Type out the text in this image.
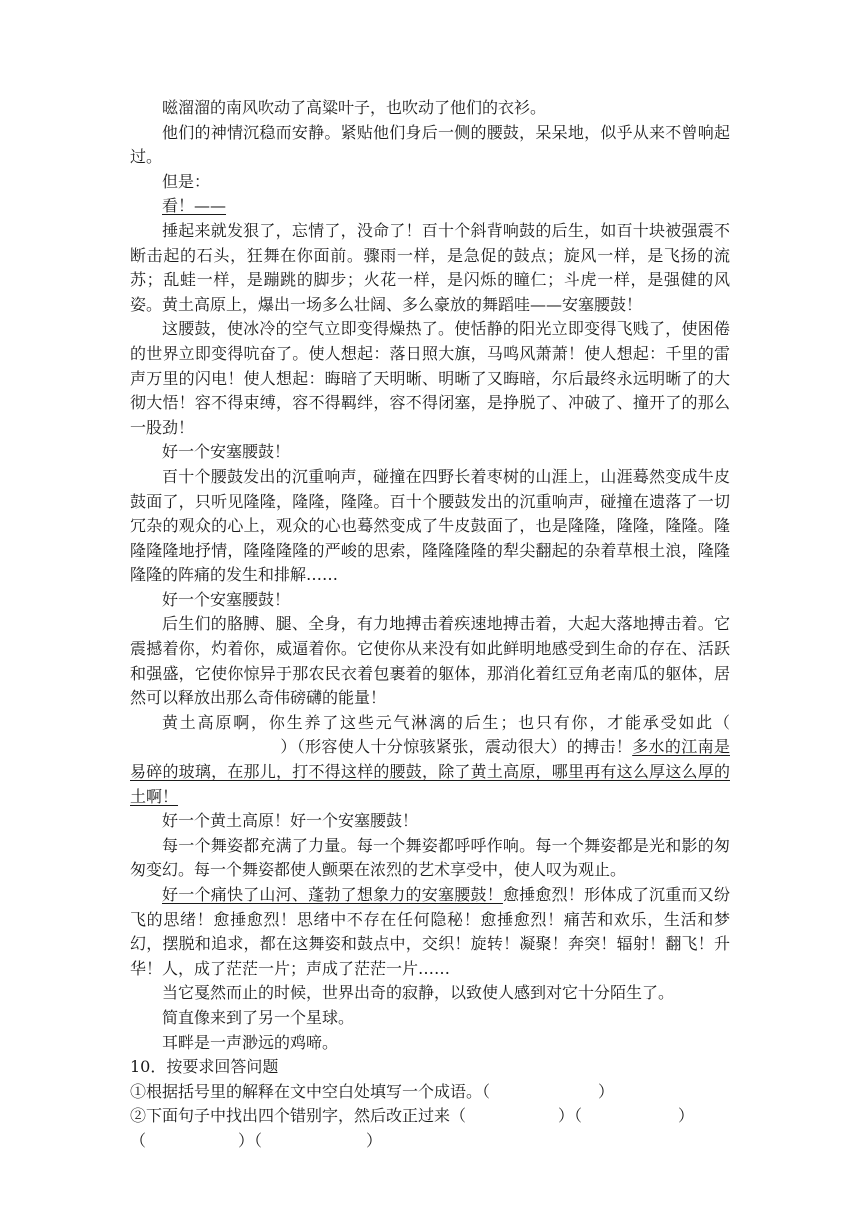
嗞溜溜的南风吹动了高粱叶子，也吹动了他们的衣衫。

他们的神情沉稳而安静。紧贴他们身后一侧的腰鼓，呆呆地，似乎从来不曾响起过。

但是：

看！——

捶起来就发狠了，忘情了，没命了！百十个斜背响鼓的后生，如百十块被强震不断击起的石头，狂舞在你面前。骤雨一样，是急促的鼓点；旋风一样，是飞扬的流苏；乱蛙一样，是蹦跳的脚步；火花一样，是闪烁的瞳仁；斗虎一样，是强健的风姿。黄土高原上，爆出一场多么壮阔、多么豪放的舞蹈哇——安塞腰鼓！

这腰鼓，使冰冷的空气立即变得燥热了。使恬静的阳光立即变得飞贱了，使困倦的世界立即变得吭奋了。使人想起：落日照大旗，马鸣风萧萧！使人想起：千里的雷声万里的闪电！使人想起：晦暗了天明晰、明晰了又晦暗，尔后最终永远明晰了的大彻大悟！容不得束缚，容不得羁绊，容不得闭塞，是挣脱了、冲破了、撞开了的那么一股劲！

好一个安塞腰鼓！

百十个腰鼓发出的沉重响声，碰撞在四野长着枣树的山涯上，山涯蓦然变成牛皮鼓面了，只听见隆隆，隆隆，隆隆。百十个腰鼓发出的沉重响声，碰撞在遗落了一切冗杂的观众的心上，观众的心也蓦然变成了牛皮鼓面了，也是隆隆，隆隆，隆隆。隆隆隆隆地抒情，隆隆隆隆的严峻的思索，隆隆隆隆的犁尖翻起的杂着草根土浪，隆隆隆隆的阵痛的发生和排解……

好一个安塞腰鼓！

后生们的胳膊、腿、全身，有力地搏击着疾速地搏击着，大起大落地搏击着。它震撼着你，灼着你，威逼着你。它使你从来没有如此鲜明地感受到生命的存在、活跃和强盛，它使你惊异于那农民衣着包裹着的躯体，那消化着红豆角老南瓜的躯体，居然可以释放出那么奇伟磅礴的能量！

黄土高原啊，你生养了这些元气淋漓的后生；也只有你，才能承受如此（）（形容使人十分惊骇紧张，震动很大）的搏击！多水的江南是易碎的玻璃，在那儿，打不得这样的腰鼓，除了黄土高原，哪里再有这么厚这么厚的土啊！

好一个黄土高原！好一个安塞腰鼓！

每一个舞姿都充满了力量。每一个舞姿都呼呼作响。每一个舞姿都是光和影的匆匆变幻。每一个舞姿都使人颤栗在浓烈的艺术享受中，使人叹为观止。

好一个痛快了山河、蓬勃了想象力的安塞腰鼓！愈捶愈烈！形体成了沉重而又纷飞的思绪！愈捶愈烈！思绪中不存在任何隐秘！愈捶愈烈！痛苦和欢乐，生活和梦幻，摆脱和追求，都在这舞姿和鼓点中，交织！旋转！凝聚！奔突！辐射！翻飞！升华！人，成了茫茫一片；声成了茫茫一片……

当它戛然而止的时候，世界出奇的寂静，以致使人感到对它十分陌生了。

简直像来到了另一个星球。

耳畔是一声渺远的鸡啼。

10．按要求回答问题

①根据括号里的解释在文中空白处填写一个成语。（	）

②下面句子中找出四个错别字，然后改正过来（	）（	）

（	）（	）
